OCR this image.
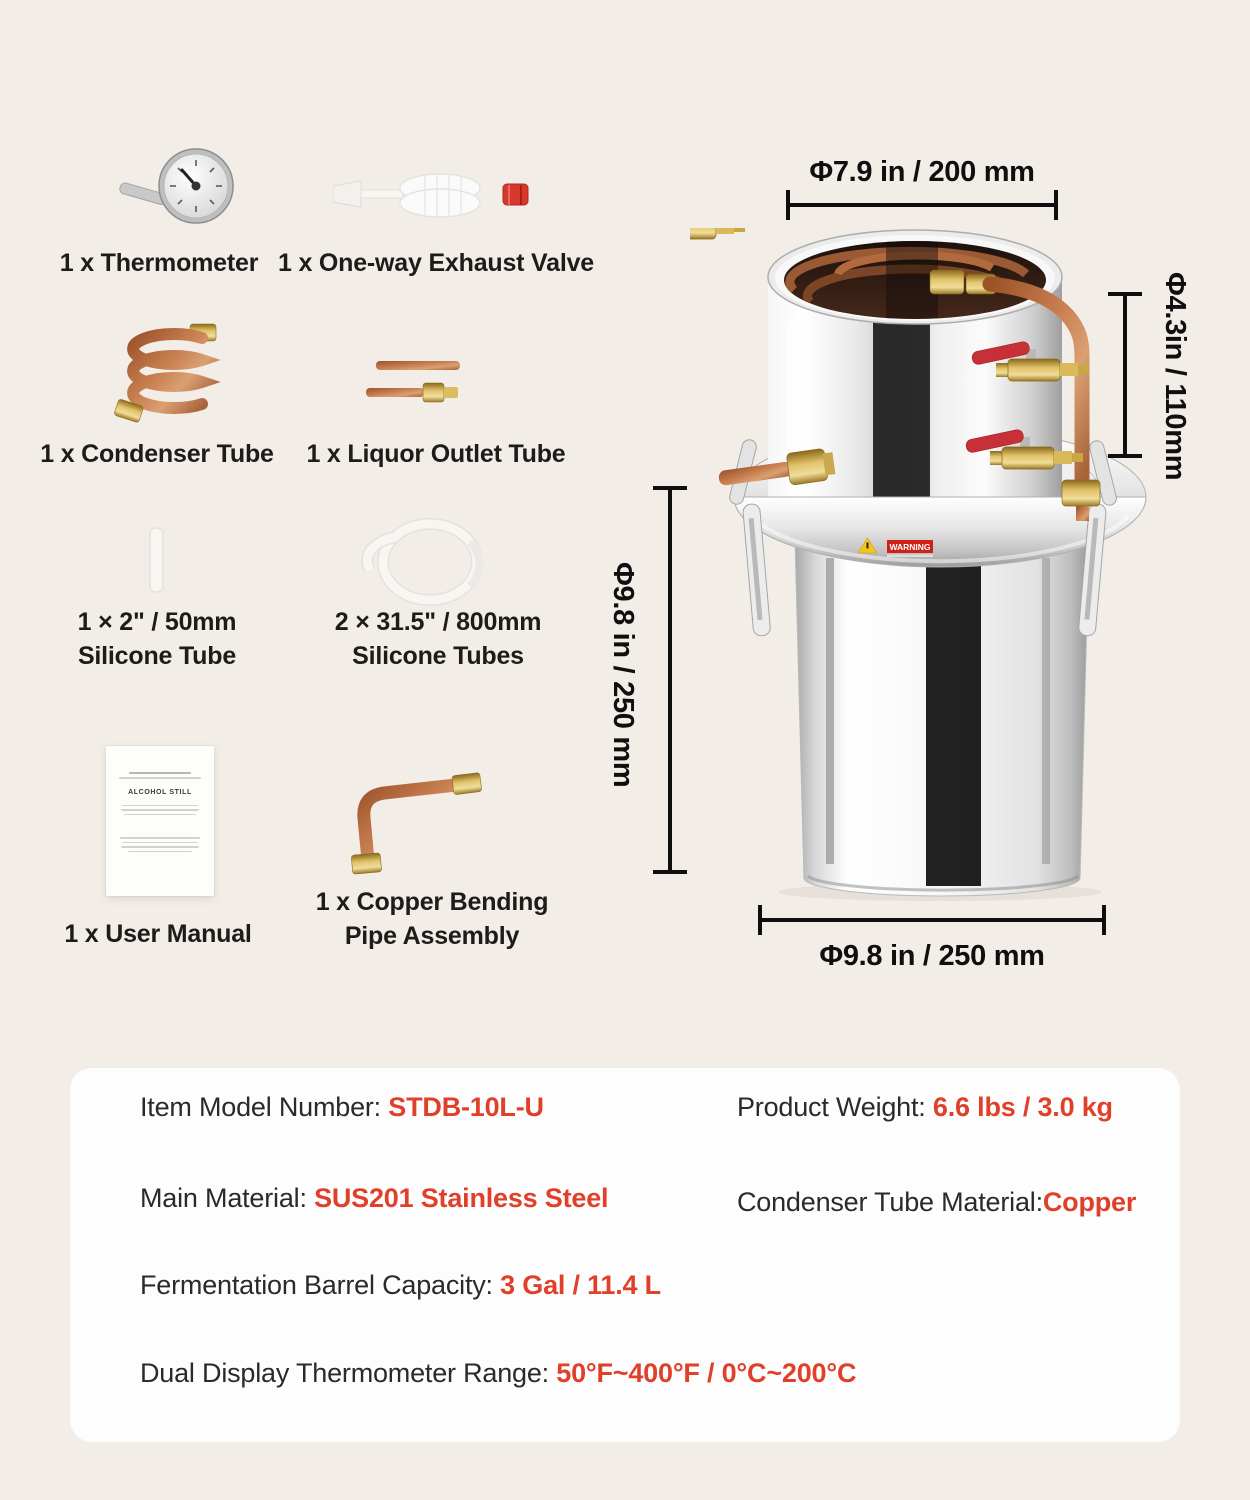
ALCOHOL STILL
1 x Thermometer 1 x One-way Exhaust Valve
1 x Condenser Tube 1 x Liquor Outlet Tube
1 × 2" / 50mm
Silicone Tube
2 × 31.5" / 800mm
Silicone Tubes
1 x User Manual
1 x Copper Bending
Pipe Assembly
WARNING
Φ7.9 in / 200 mm
Φ4.3in / 110mm
Φ9.8 in / 250 mm
Φ9.8 in / 250 mm
Item Model Number: STDB-10L-U	Product Weight: 6.6 lbs / 3.0 kg
Main Material: SUS201 Stainless Steel	Condenser Tube Material:Copper
Fermentation Barrel Capacity: 3 Gal / 11.4 L
Dual Display Thermometer Range: 50°F~400°F / 0°C~200°C
